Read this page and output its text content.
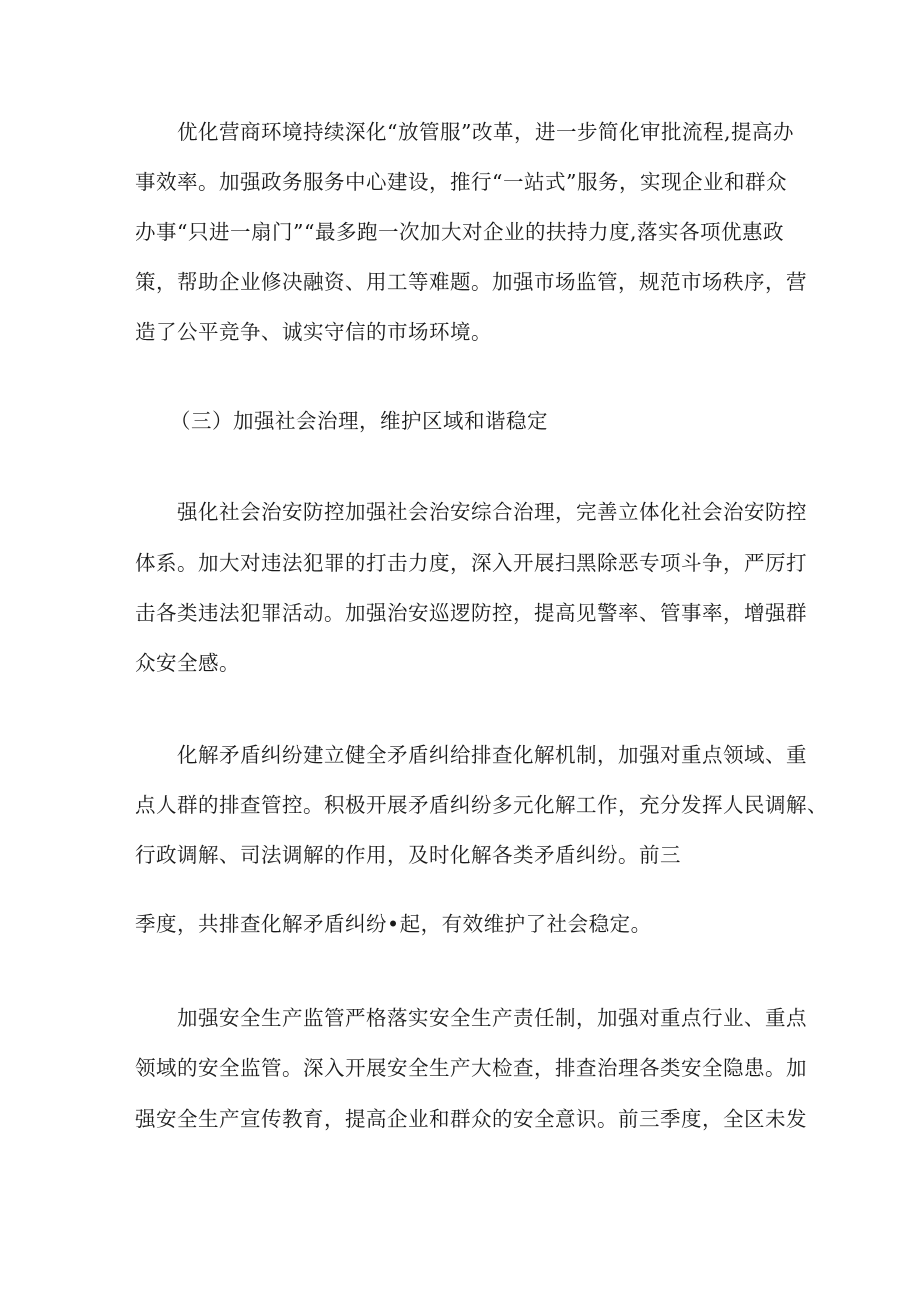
优化营商环境持续深化“放管服”改革，进一步简化审批流程,提高办
事效率。加强政务服务中心建设，推行“一站式”服务，实现企业和群众
办事“只进一扇门”“最多跑一次加大对企业的扶持力度,落实各项优惠政
策，帮助企业修决融资、用工等难题。加强市场监管，规范市场秩序，营
造了公平竞争、诚实守信的市场环境。
（三）加强社会治理，维护区域和谐稳定
强化社会治安防控加强社会治安综合治理，完善立体化社会治安防控
体系。加大对违法犯罪的打击力度，深入开展扫黑除恶专项斗争，严厉打
击各类违法犯罪活动。加强治安巡逻防控，提高见警率、管事率，增强群
众安全感。
化解矛盾纠纷建立健全矛盾纠给排查化解机制，加强对重点领域、重
点人群的排查管控。积极开展矛盾纠纷多元化解工作，充分发挥人民调解、
行政调解、司法调解的作用，及时化解各类矛盾纠纷。前三
季度，共排查化解矛盾纠纷•起，有效维护了社会稳定。
加强安全生产监管严格落实安全生产责任制，加强对重点行业、重点
领域的安全监管。深入开展安全生产大检查，排查治理各类安全隐患。加
强安全生产宣传教育，提高企业和群众的安全意识。前三季度，全区未发
